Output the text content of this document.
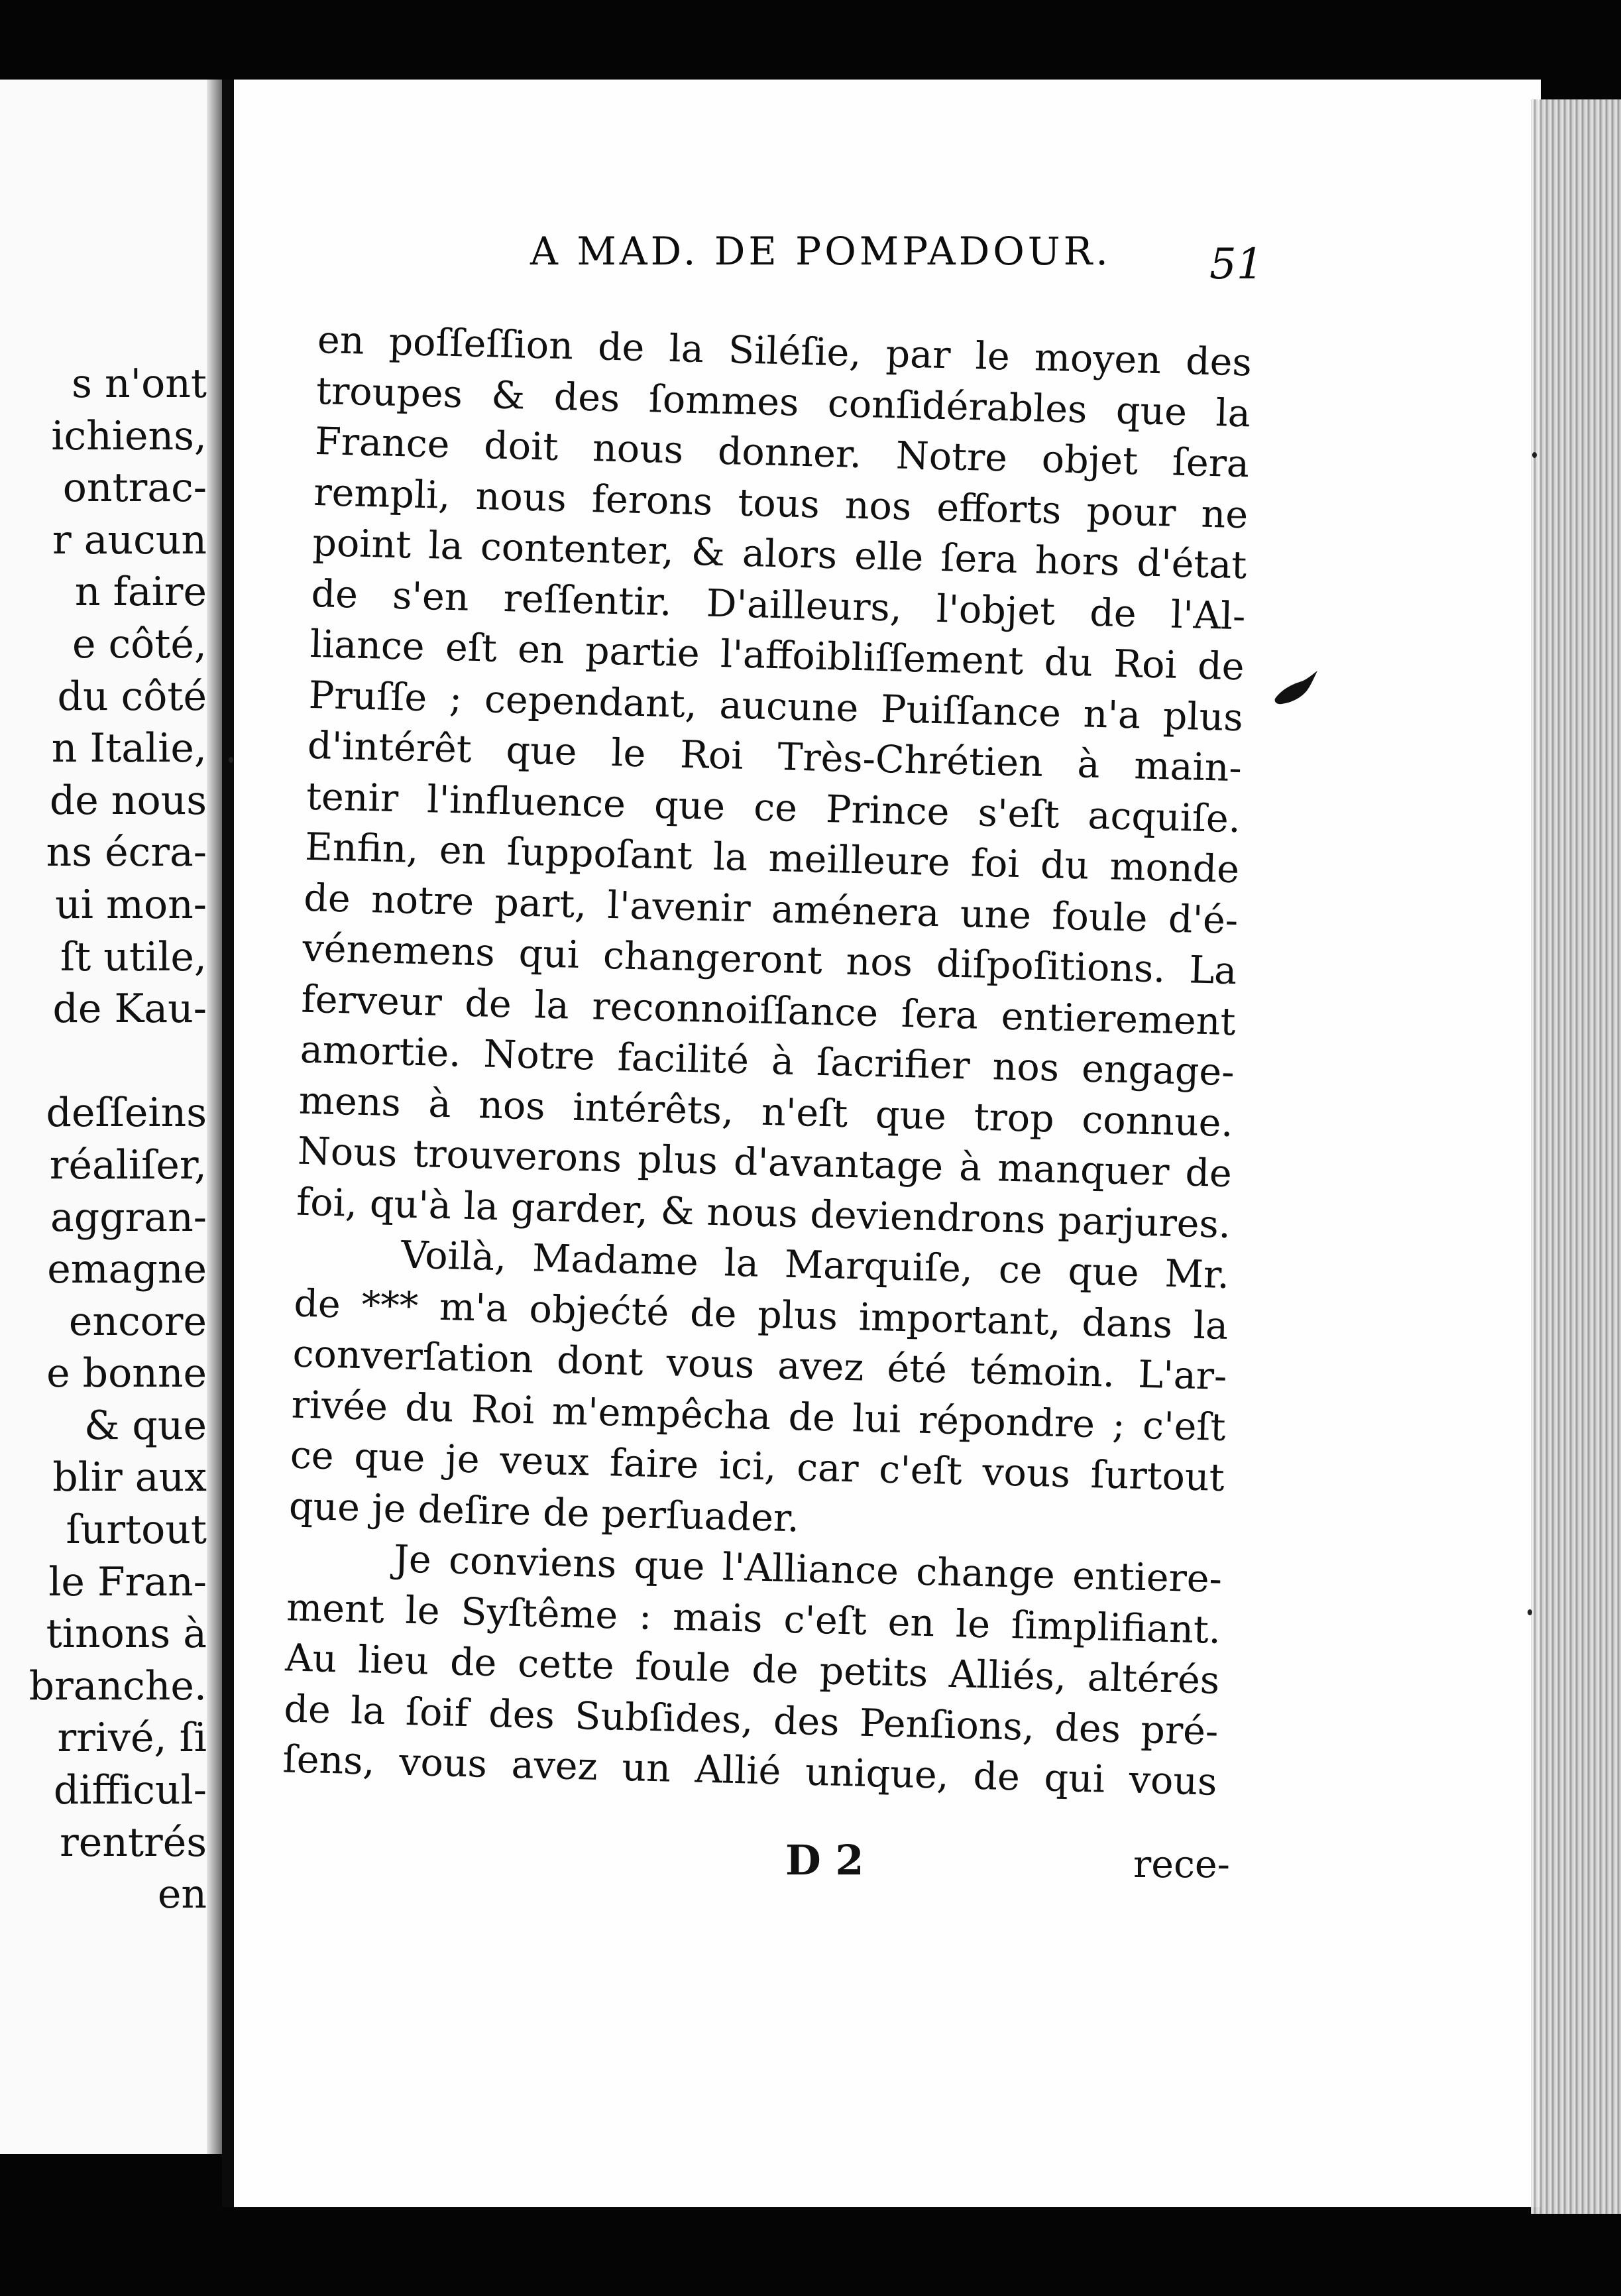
s n'ont
ichiens,
ontrac-
r aucun
n faire
e côté,
du côté
n Italie,
de nous
ns écra-
ui mon-
ſt utile,
de Kau-

deſſeins
réaliſer,
aggran-
emagne
encore
e bonne
& que
blir aux
ſurtout
le Fran-
tinons à
branche.
rrivé, ſi
difficul-
rentrés
en
A MAD. DE POMPADOUR. 51
en poſſeſſion de la Siléſie, par le moyen des
troupes & des ſommes conſidérables que la
France doit nous donner. Notre objet ſera
rempli, nous ferons tous nos efforts pour ne
point la contenter, & alors elle ſera hors d'état
de s'en reſſentir. D'ailleurs, l'objet de l'Al-
liance eſt en partie l'affoibliſſement du Roi de
Pruſſe ; cependant, aucune Puiſſance n'a plus
d'intérêt que le Roi Très-Chrétien à main-
tenir l'influence que ce Prince s'eſt acquiſe.
Enfin, en ſuppoſant la meilleure foi du monde
de notre part, l'avenir aménera une foule d'é-
vénemens qui changeront nos diſpoſitions. La
ferveur de la reconnoiſſance ſera entierement
amortie. Notre facilité à ſacrifier nos engage-
mens à nos intérêts, n'eſt que trop connue.
Nous trouverons plus d'avantage à manquer de
foi, qu'à la garder, & nous deviendrons parjures.
Voilà, Madame la Marquiſe, ce que Mr.
de *** m'a objećté de plus important, dans la
converſation dont vous avez été témoin. L'ar-
rivée du Roi m'empêcha de lui répondre ; c'eſt
ce que je veux faire ici, car c'eſt vous ſurtout
que je deſire de perſuader.
Je conviens que l'Alliance change entiere-
ment le Syſtême : mais c'eſt en le ſimplifiant.
Au lieu de cette foule de petits Alliés, altérés
de la ſoif des Subſides, des Penſions, des pré-
ſens, vous avez un Allié unique, de qui vous
D 2	rece-
